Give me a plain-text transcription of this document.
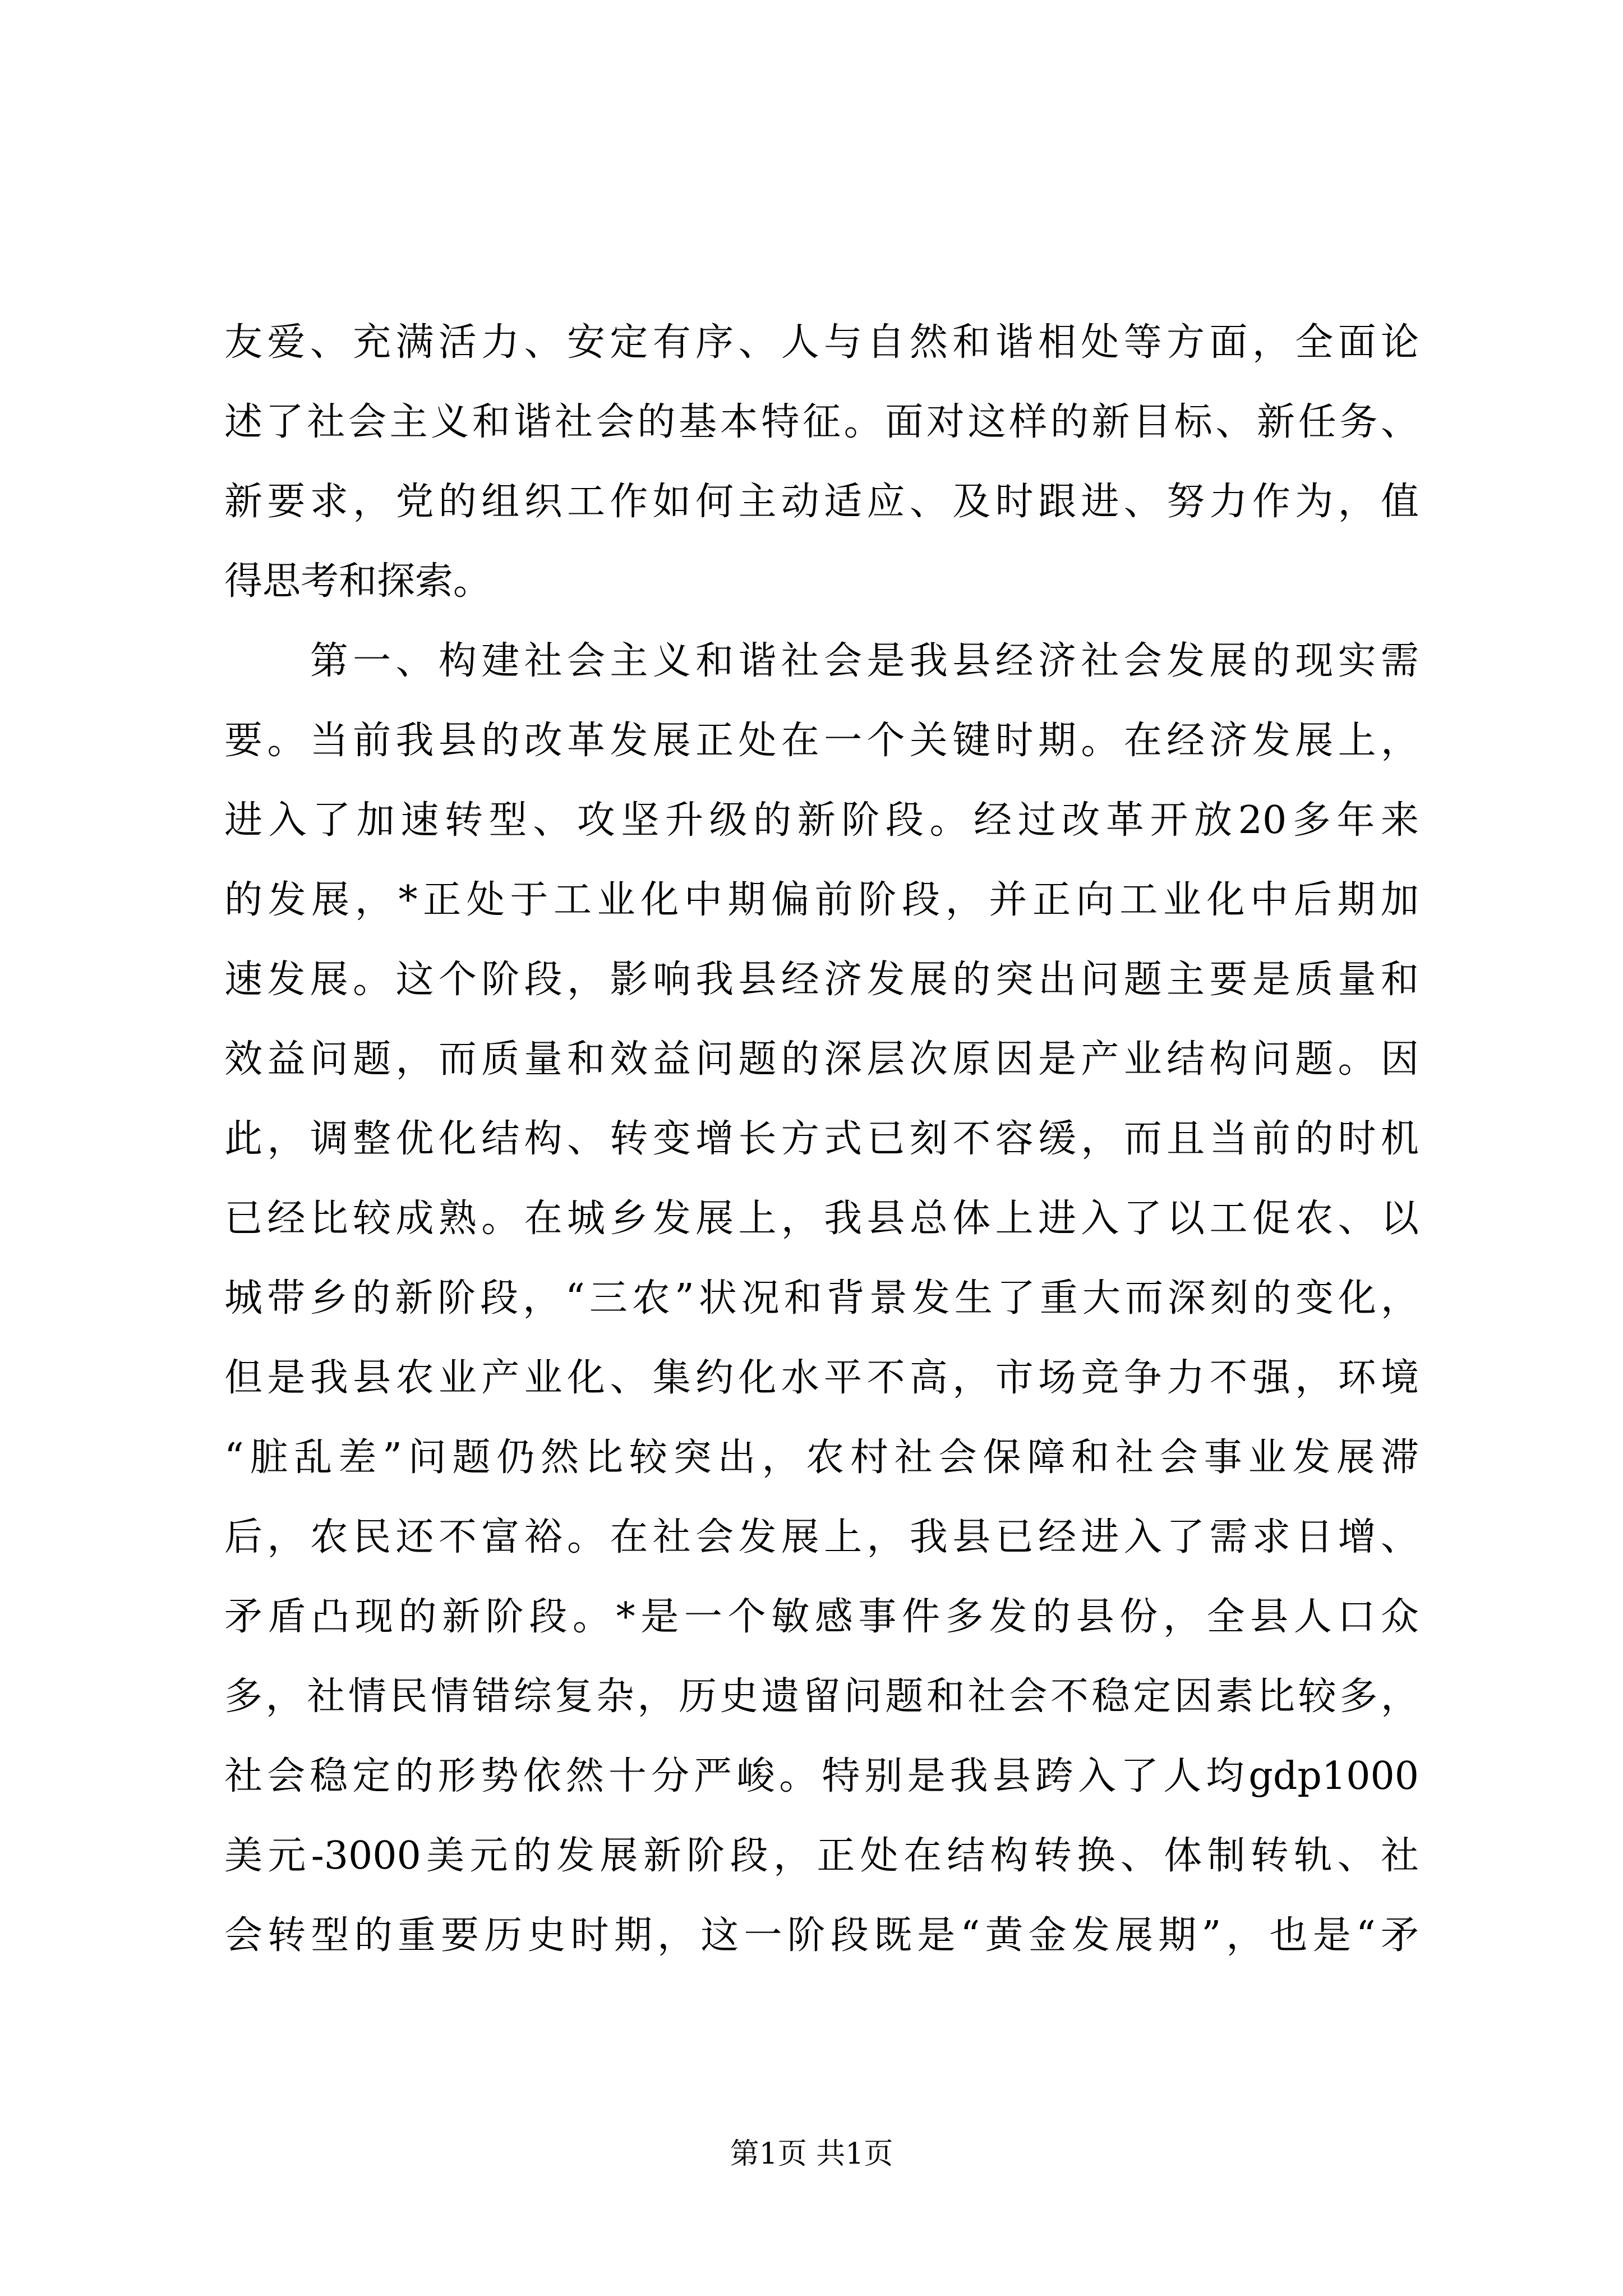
友爱、充满活力、安定有序、人与自然和谐相处等方面，全面论
述了社会主义和谐社会的基本特征。面对这样的新目标、新任务、
新要求，党的组织工作如何主动适应、及时跟进、努力作为，值
得思考和探索。
　　第一、构建社会主义和谐社会是我县经济社会发展的现实需
要。当前我县的改革发展正处在一个关键时期。在经济发展上，
进入了加速转型、攻坚升级的新阶段。经过改革开放20多年来
的发展，*正处于工业化中期偏前阶段，并正向工业化中后期加
速发展。这个阶段，影响我县经济发展的突出问题主要是质量和
效益问题，而质量和效益问题的深层次原因是产业结构问题。因
此，调整优化结构、转变增长方式已刻不容缓，而且当前的时机
已经比较成熟。在城乡发展上，我县总体上进入了以工促农、以
城带乡的新阶段，“三农”状况和背景发生了重大而深刻的变化，
但是我县农业产业化、集约化水平不高，市场竞争力不强，环境
“脏乱差”问题仍然比较突出，农村社会保障和社会事业发展滞
后，农民还不富裕。在社会发展上，我县已经进入了需求日增、
矛盾凸现的新阶段。*是一个敏感事件多发的县份，全县人口众
多，社情民情错综复杂，历史遗留问题和社会不稳定因素比较多，
社会稳定的形势依然十分严峻。特别是我县跨入了人均gdp1000
美元-3000美元的发展新阶段，正处在结构转换、体制转轨、社
会转型的重要历史时期，这一阶段既是“黄金发展期”，也是“矛
第1页 共1页
